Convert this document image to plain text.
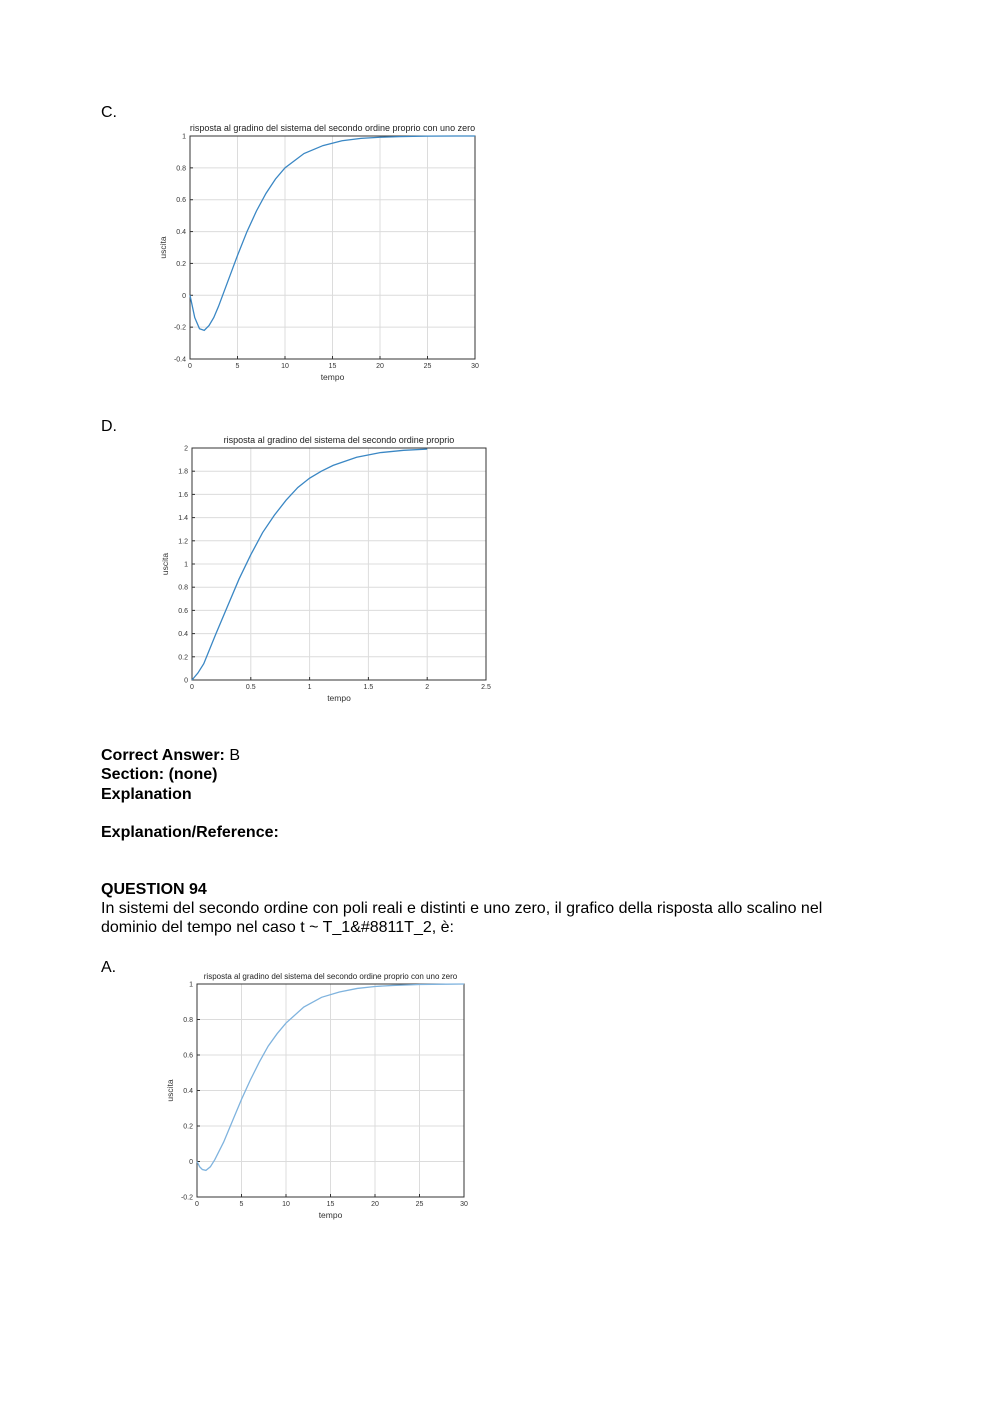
C.
0	5	10	15	20	25	30
-0.4
-0.2
0
0.2
0.4
0.6
0.8
1
risposta al gradino del sistema del secondo ordine proprio con uno zero
tempo
uscita
D.
0	0.5	1	1.5	2	2.5
0
0.2
0.4
0.6
0.8
1
1.2
1.4
1.6
1.8
2
risposta al gradino del sistema del secondo ordine proprio
tempo
uscita
Correct Answer: B
Section: (none)
Explanation
Explanation/Reference:
QUESTION 94
In sistemi del secondo ordine con poli reali e distinti e uno zero, il grafico della risposta allo scalino nel
dominio del tempo nel caso t ~ T_1&#8811T_2, è:
A.
0	5	10	15	20	25	30
-0.2
0
0.2
0.4
0.6
0.8
1
risposta al gradino del sistema del secondo ordine proprio con uno zero
tempo
uscita
